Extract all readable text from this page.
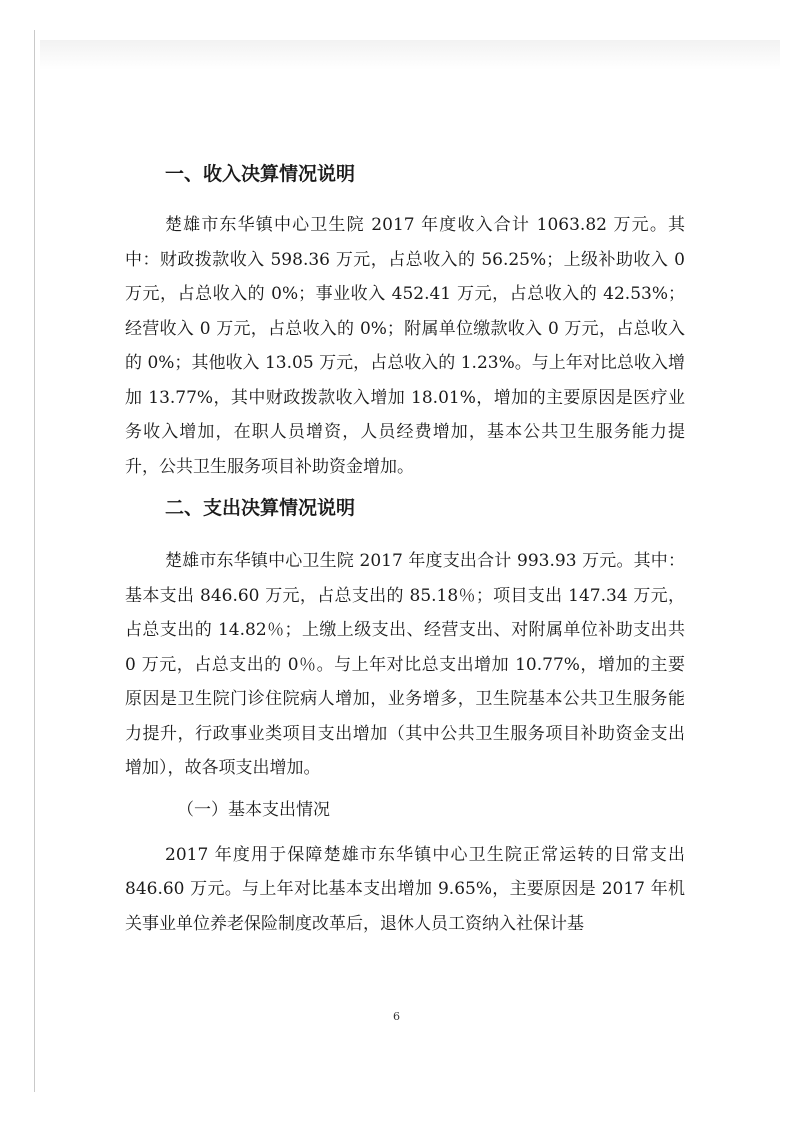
一、收入决算情况说明

楚雄市东华镇中心卫生院 2017 年度收入合计 1063.82 万元。其中：财政拨款收入 598.36 万元，占总收入的 56.25%；上级补助收入 0 万元，占总收入的 0%；事业收入 452.41 万元，占总收入的 42.53%；经营收入 0 万元，占总收入的 0%；附属单位缴款收入 0 万元，占总收入的 0%；其他收入 13.05 万元，占总收入的 1.23%。与上年对比总收入增加 13.77%，其中财政拨款收入增加 18.01%，增加的主要原因是医疗业务收入增加，在职人员增资，人员经费增加，基本公共卫生服务能力提升，公共卫生服务项目补助资金增加。

二、支出决算情况说明

楚雄市东华镇中心卫生院 2017 年度支出合计 993.93 万元。其中：基本支出 846.60 万元，占总支出的 85.18％；项目支出 147.34 万元，占总支出的 14.82％；上缴上级支出、经营支出、对附属单位补助支出共 0 万元，占总支出的 0％。与上年对比总支出增加 10.77%，增加的主要原因是卫生院门诊住院病人增加，业务增多，卫生院基本公共卫生服务能力提升，行政事业类项目支出增加（其中公共卫生服务项目补助资金支出增加），故各项支出增加。

（一）基本支出情况

2017 年度用于保障楚雄市东华镇中心卫生院正常运转的日常支出 846.60 万元。与上年对比基本支出增加 9.65%，主要原因是 2017 年机关事业单位养老保险制度改革后，退休人员工资纳入社保计基

6
